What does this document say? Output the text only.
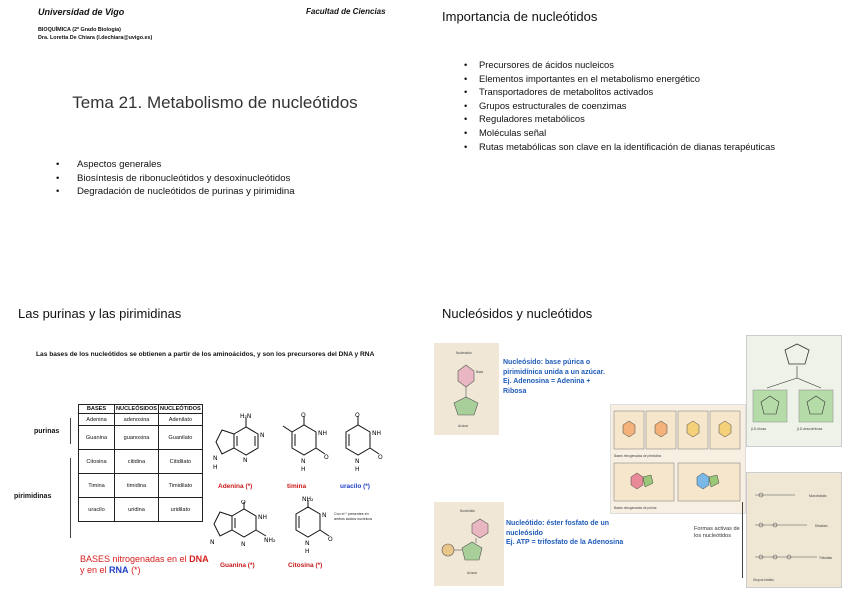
Universidad de Vigo	Facultad de Ciencias
BIOQUÍMICA (2º Grado Biología)
Dra. Loretta De Chiara (l.dechiara@uvigo.es)
Tema 21. Metabolismo de nucleótidos
• Aspectos generales
• Biosíntesis de ribonucleótidos y desoxinucleótidos
• Degradación de nucleótidos de purinas y pirimidina
Importancia de nucleótidos
• Precursores de ácidos nucleicos
• Elementos importantes en el metabolismo energético
• Transportadores de metabolitos activados
• Grupos estructurales de coenzimas
• Reguladores metabólicos
• Moléculas señal
• Rutas metabólicas son clave en la identificación de dianas terapéuticas
Las purinas y las pirimidinas
Las bases de los nucleótidos se obtienen a partir de los aminoácidos, y son los precursores del DNA y RNA
BASES	NUCLEÓSIDOS	NUCLEÓTIDOS
Adenina	adenosina	Adenilato
Guanina	guanosina	Guanilato
Citosina	citidina	Citidilato
Timina	timidina	Timidilato
uracilo	uridina	uridilato
purinas
pirimidinas
BASES nitrogenadas en el DNA
y en el RNA (*)
H₂N
N
N	N
H
Adenina (*)
O
NH
N
H
O
timina
O
NH
N
H
O
uracilo (*)
O
NH
NH₂
N	N
Guanina (*)
NH₂
N
N
H
O
Citosina (*)
Con el * presentes en ambos ácidos nucleicos
Nucleósidos y nucleótidos
Nucleósido
Base
Azúcar
Nucleósido: base púrica o pirimidínica unida a un azúcar.
Ej. Adenosina = Adenina + Ribosa
Nucleótido
Azúcar
Nucleótido: éster fosfato de un nucleósido
Ej. ATP = trifosfato de la Adenosina
β-D-ribosa	β-D-desoxirribosa
Bases nitrogenadas de pirimidina
Bases nitrogenadas de purina
Monofosfato
Difosfato
Trifosfato
Grupos fosfato
Formas activas de los nucleótidos
